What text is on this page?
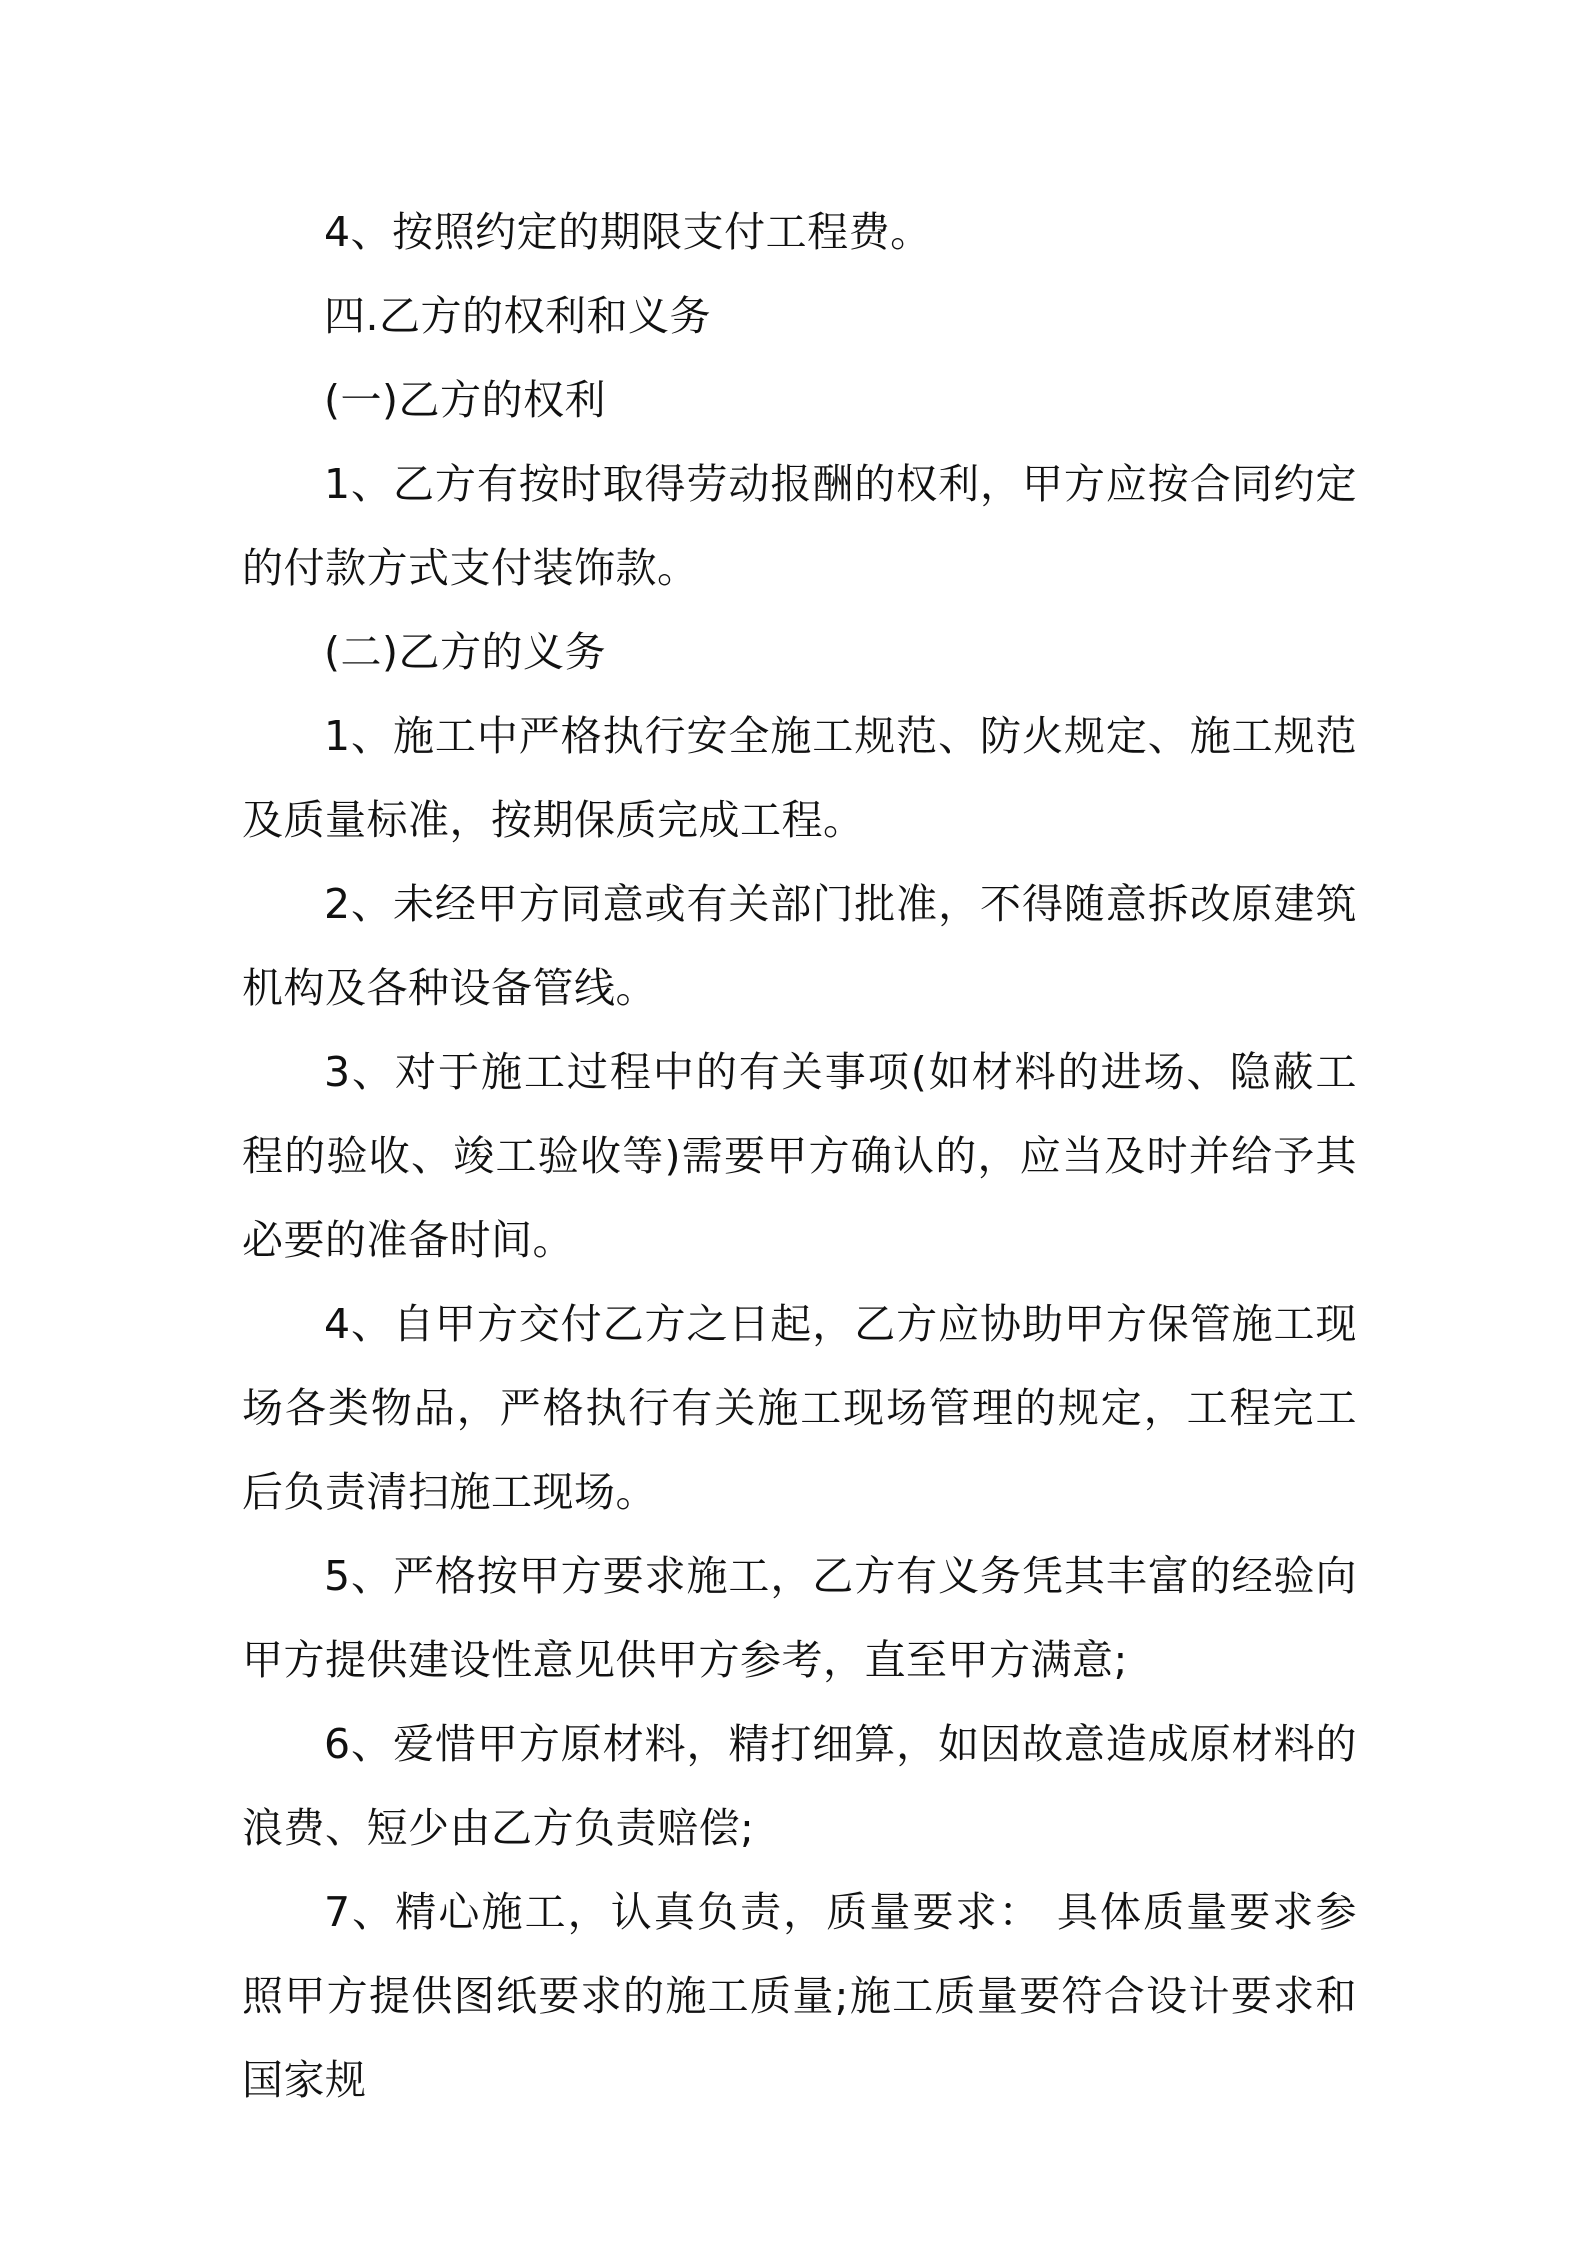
4、按照约定的期限支付工程费。

四.乙方的权利和义务

(一)乙方的权利

1、乙方有按时取得劳动报酬的权利，甲方应按合同约定的付款方式支付装饰款。

(二)乙方的义务

1、施工中严格执行安全施工规范、防火规定、施工规范及质量标准，按期保质完成工程。

2、未经甲方同意或有关部门批准，不得随意拆改原建筑机构及各种设备管线。

3、对于施工过程中的有关事项(如材料的进场、隐蔽工程的验收、竣工验收等)需要甲方确认的，应当及时并给予其必要的准备时间。

4、自甲方交付乙方之日起，乙方应协助甲方保管施工现场各类物品，严格执行有关施工现场管理的规定，工程完工后负责清扫施工现场。

5、严格按甲方要求施工，乙方有义务凭其丰富的经验向甲方提供建设性意见供甲方参考，直至甲方满意;

6、爱惜甲方原材料，精打细算，如因故意造成原材料的浪费、短少由乙方负责赔偿;

7、精心施工，认真负责，质量要求： 具体质量要求参照甲方提供图纸要求的施工质量;施工质量要符合设计要求和国家规
